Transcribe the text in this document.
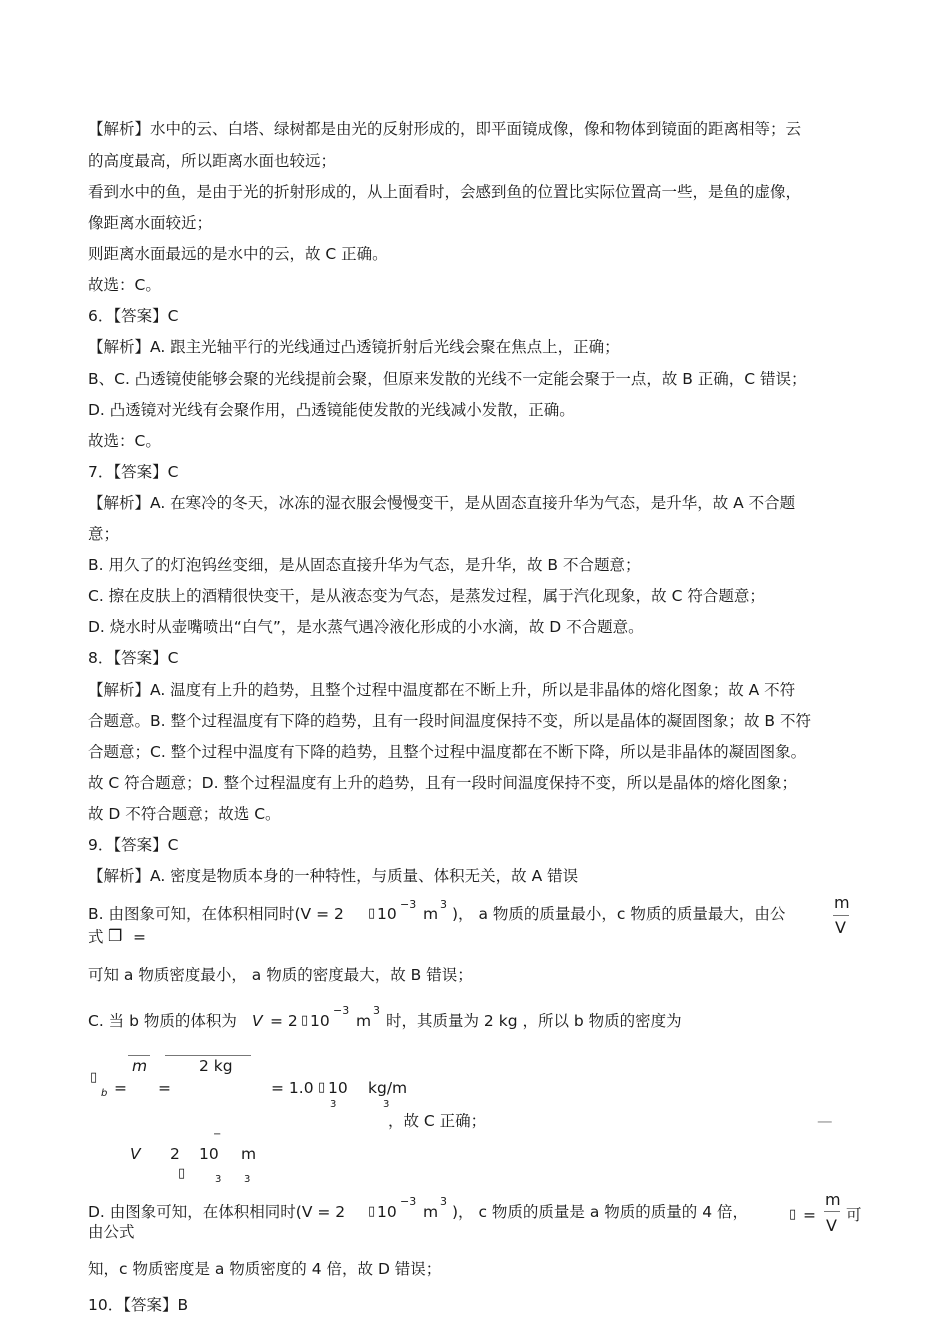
【解析】水中的云、白塔、绿树都是由光的反射形成的，即平面镜成像，像和物体到镜面的距离相等；云
的高度最高，所以距离水面也较远；
看到水中的鱼，是由于光的折射形成的，从上面看时，会感到鱼的位置比实际位置高一些，是鱼的虚像，
像距离水面较近；
则距离水面最远的是水中的云，故 C 正确。
故选：C。
6．【答案】C
【解析】A. 跟主光轴平行的光线通过凸透镜折射后光线会聚在焦点上，正确；
B、C. 凸透镜使能够会聚的光线提前会聚，但原来发散的光线不一定能会聚于一点，故 B 正确，C 错误；
D. 凸透镜对光线有会聚作用，凸透镜能使发散的光线减小发散，正确。
故选：C。
7．【答案】C
【解析】A. 在寒冷的冬天，冰冻的湿衣服会慢慢变干，是从固态直接升华为气态，是升华，故 A 不合题
意；
B. 用久了的灯泡钨丝变细，是从固态直接升华为气态，是升华，故 B 不合题意；
C. 擦在皮肤上的酒精很快变干，是从液态变为气态，是蒸发过程，属于汽化现象，故 C 符合题意；
D. 烧水时从壶嘴喷出“白气”，是水蒸气遇冷液化形成的小水滴，故 D 不合题意。
8．【答案】C
【解析】A. 温度有上升的趋势，且整个过程中温度都在不断上升，所以是非晶体的熔化图象；故 A 不符
合题意。B. 整个过程温度有下降的趋势，且有一段时间温度保持不变，所以是晶体的凝固图象；故 B 不符
合题意；C. 整个过程中温度有下降的趋势，且整个过程中温度都在不断下降，所以是非晶体的凝固图象。
故 C 符合题意；D. 整个过程温度有上升的趋势，且有一段时间温度保持不变，所以是晶体的熔化图象；
故 D 不符合题意；故选 C。
9．【答案】C
【解析】A. 密度是物质本身的一种特性，与质量、体积无关，故 A 错误
B. 由图象可知，在体积相同时(V = 2 ▯ 10
−3
m
3
)， a 物质的质量最小，c 物质的质量最大，由公
m
V
式 ❒ =
可知 a 物质密度最小， a 物质的密度最大，故 B 错误；
C. 当 b 物质的体积为 V = 2 ▯ 10
−3
m
3
时，其质量为 2 kg ，所以 b 物质的密度为
m	2 kg
▯
b = =	= 1.0 ▯ 10 kg/m
3	3
，故 C 正确；	—
−
V 2 10 m
▯	3 3
D. 由图象可知，在体积相同时(V = 2 ▯ 10
−3
m
3
)， c 物质的质量是 a 物质的质量的 4 倍，	▯ =
m
V
可
由公式
知，c 物质密度是 a 物质密度的 4 倍，故 D 错误；
10．【答案】B
